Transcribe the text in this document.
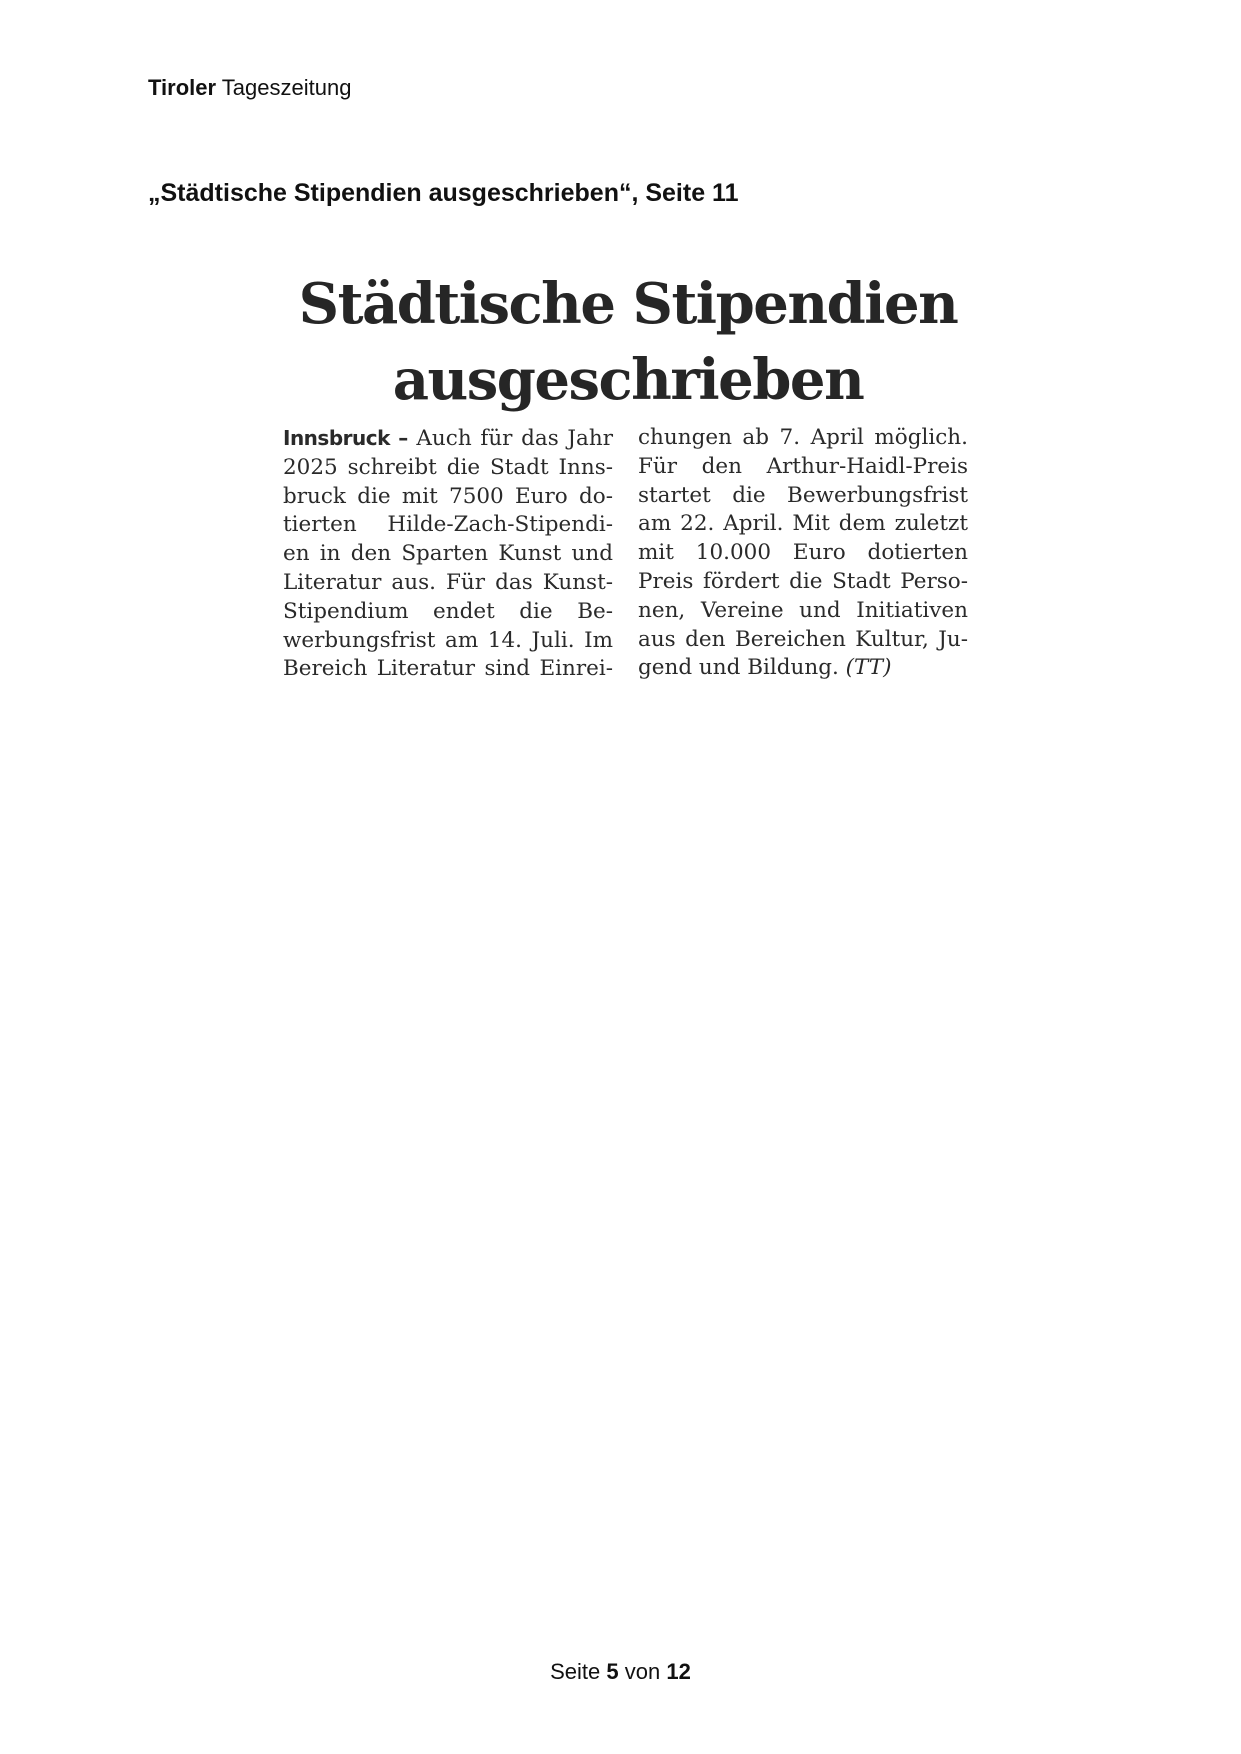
Tiroler Tageszeitung
„Städtische Stipendien ausgeschrieben“, Seite 11
Städtische Stipendien
ausgeschrieben
Innsbruck – Auch für das Jahr
2025 schreibt die Stadt Inns-
bruck die mit 7500 Euro do-
tierten Hilde-Zach-Stipendi-
en in den Sparten Kunst und
Literatur aus. Für das Kunst-
Stipendium endet die Be-
werbungsfrist am 14. Juli. Im
Bereich Literatur sind Einrei-
chungen ab 7. April möglich.
Für den Arthur-Haidl-Preis
startet die Bewerbungsfrist
am 22. April. Mit dem zuletzt
mit 10.000 Euro dotierten
Preis fördert die Stadt Perso-
nen, Vereine und Initiativen
aus den Bereichen Kultur, Ju-
gend und Bildung. (TT)
Seite 5 von 12
